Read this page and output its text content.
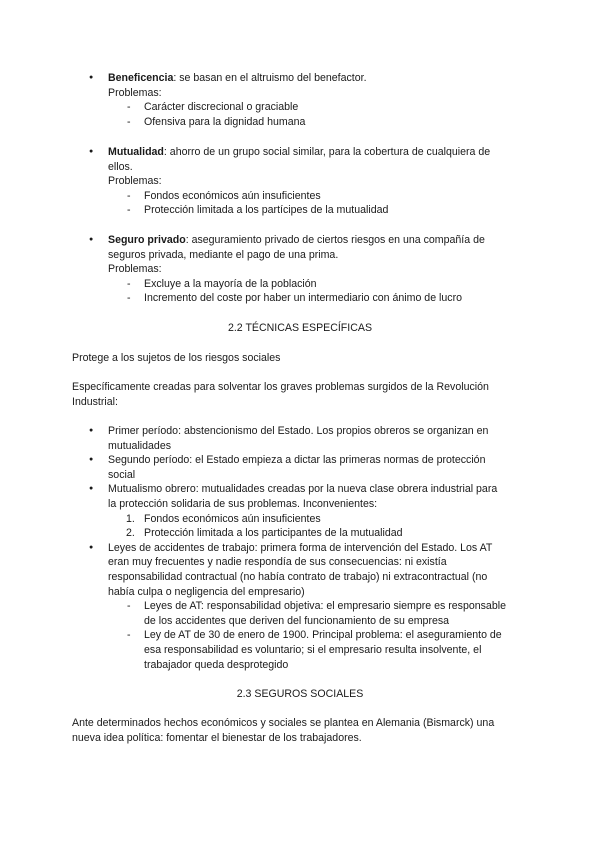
● Beneficencia: se basan en el altruismo del benefactor.
Problemas:
- Carácter discrecional o graciable
- Ofensiva para la dignidad humana
● Mutualidad: ahorro de un grupo social similar, para la cobertura de cualquiera de ellos.
Problemas:
- Fondos económicos aún insuficientes
- Protección limitada a los partícipes de la mutualidad
● Seguro privado: aseguramiento privado de ciertos riesgos en una compañía de seguros privada, mediante el pago de una prima.
Problemas:
- Excluye a la mayoría de la población
- Incremento del coste por haber un intermediario con ánimo de lucro
2.2 TÉCNICAS ESPECÍFICAS
Protege a los sujetos de los riesgos sociales
Específicamente creadas para solventar los graves problemas surgidos de la Revolución Industrial:
● Primer período: abstencionismo del Estado. Los propios obreros se organizan en mutualidades
● Segundo período: el Estado empieza a dictar las primeras normas de protección social
● Mutualismo obrero: mutualidades creadas por la nueva clase obrera industrial para la protección solidaria de sus problemas. Inconvenientes:
1. Fondos económicos aún insuficientes
2. Protección limitada a los participantes de la mutualidad
● Leyes de accidentes de trabajo: primera forma de intervención del Estado. Los AT eran muy frecuentes y nadie respondía de sus consecuencias: ni existía responsabilidad contractual (no había contrato de trabajo) ni extracontractual (no había culpa o negligencia del empresario)
- Leyes de AT: responsabilidad objetiva: el empresario siempre es responsable de los accidentes que deriven del funcionamiento de su empresa
- Ley de AT de 30 de enero de 1900. Principal problema: el aseguramiento de esa responsabilidad es voluntario; si el empresario resulta insolvente, el trabajador queda desprotegido
2.3 SEGUROS SOCIALES
Ante determinados hechos económicos y sociales se plantea en Alemania (Bismarck) una nueva idea política: fomentar el bienestar de los trabajadores.
